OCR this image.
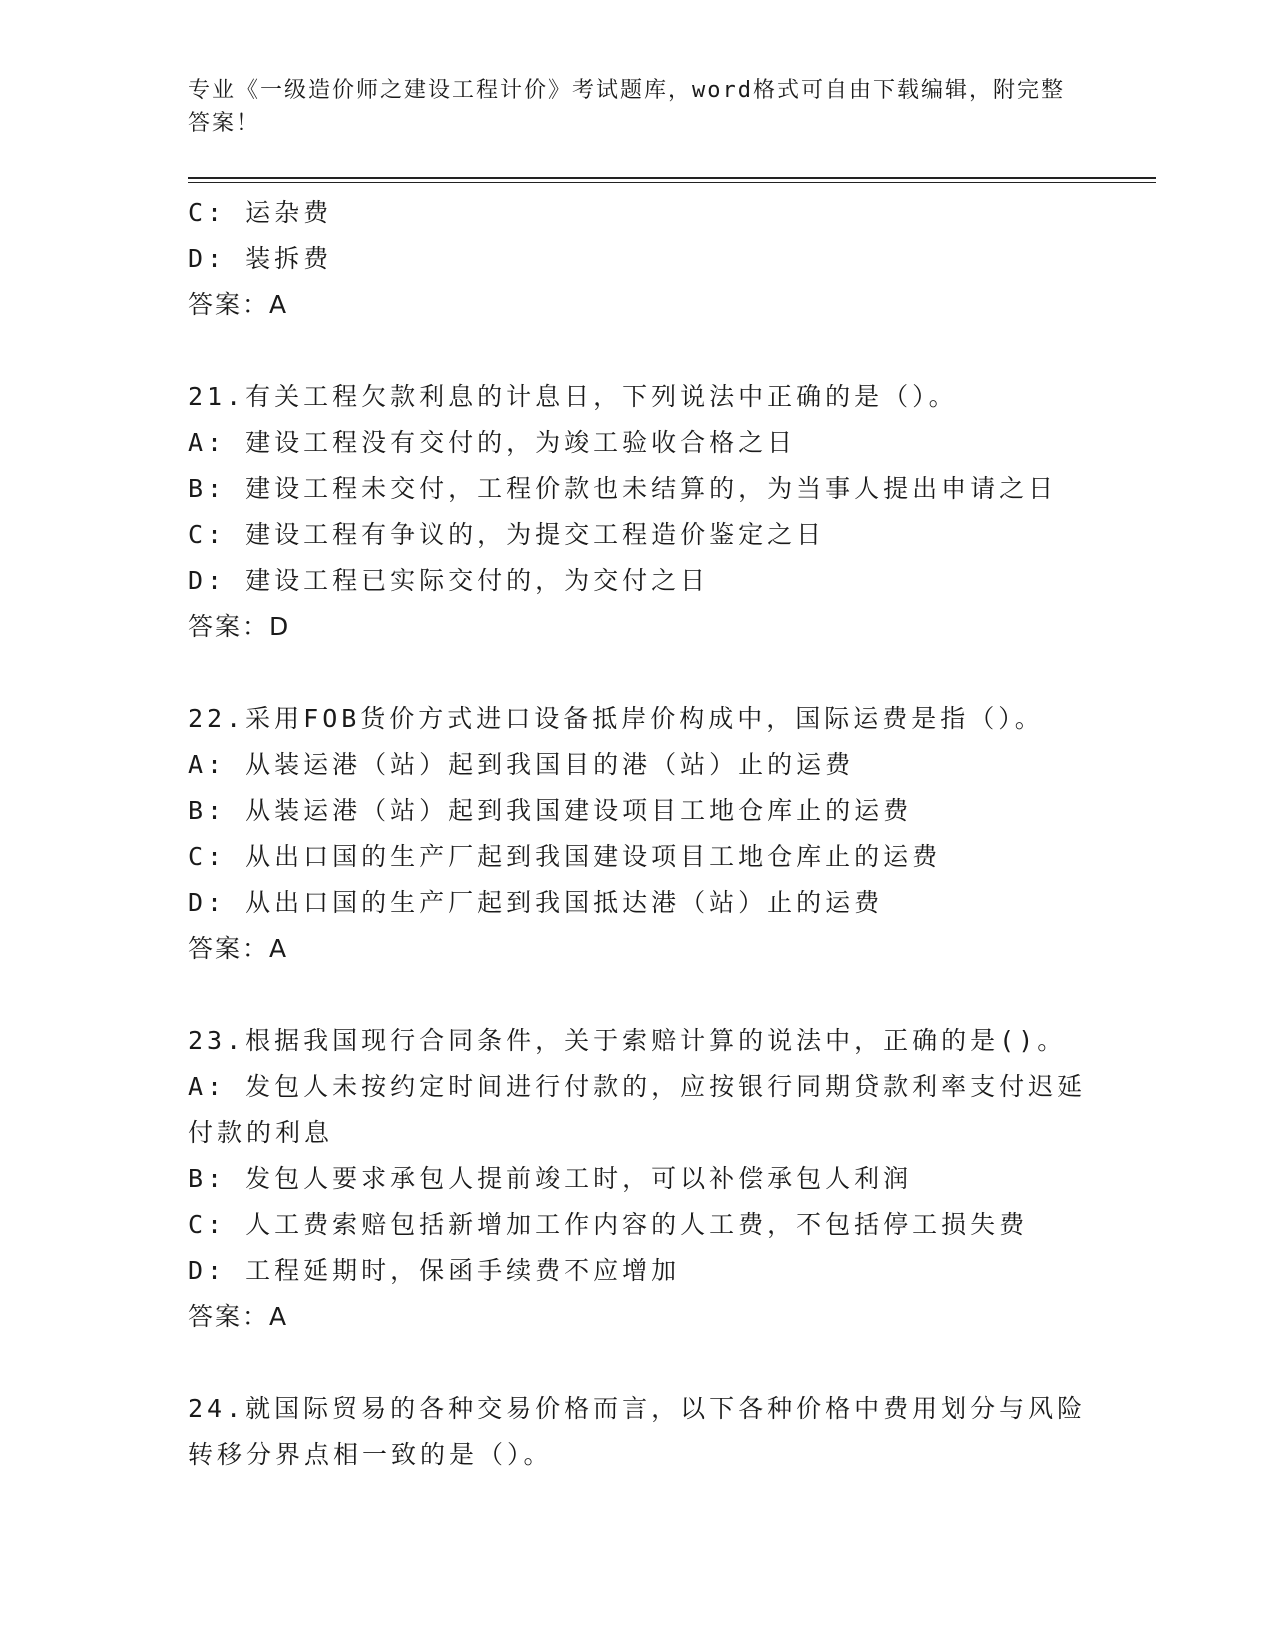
专业《一级造价师之建设工程计价》考试题库，word格式可自由下载编辑，附完整答案！
C: 运杂费
D: 装拆费
答案：A
21.有关工程欠款利息的计息日，下列说法中正确的是（）。
A: 建设工程没有交付的，为竣工验收合格之日
B: 建设工程未交付，工程价款也未结算的，为当事人提出申请之日
C: 建设工程有争议的，为提交工程造价鉴定之日
D: 建设工程已实际交付的，为交付之日
答案：D
22.采用FOB货价方式进口设备抵岸价构成中，国际运费是指（）。
A: 从装运港（站）起到我国目的港（站）止的运费
B: 从装运港（站）起到我国建设项目工地仓库止的运费
C: 从出口国的生产厂起到我国建设项目工地仓库止的运费
D: 从出口国的生产厂起到我国抵达港（站）止的运费
答案：A
23.根据我国现行合同条件，关于索赔计算的说法中，正确的是()。
A: 发包人未按约定时间进行付款的，应按银行同期贷款利率支付迟延付款的利息
B: 发包人要求承包人提前竣工时，可以补偿承包人利润
C: 人工费索赔包括新增加工作内容的人工费，不包括停工损失费
D: 工程延期时，保函手续费不应增加
答案：A
24.就国际贸易的各种交易价格而言，以下各种价格中费用划分与风险转移分界点相一致的是（）。
